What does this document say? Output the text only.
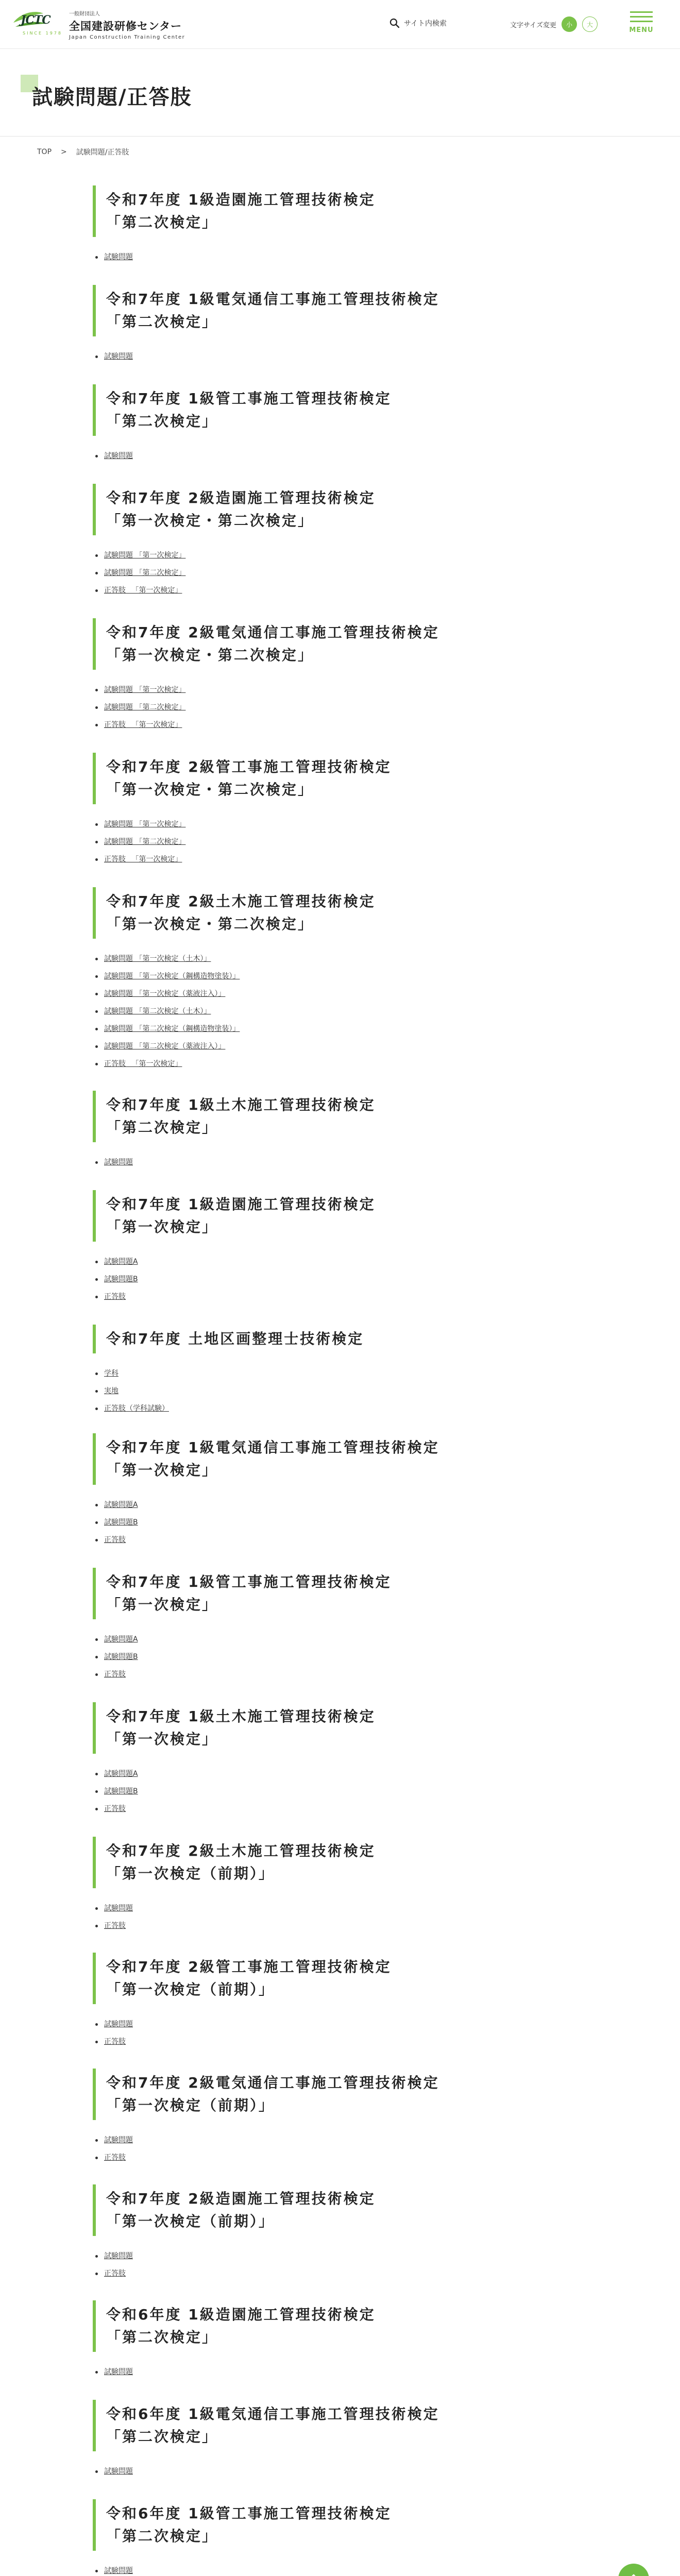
JCTC
SINCE 1978
一般財団法人
全国建設研修センター
Japan Construction Training Center
サイト内検索	文字サイズ変更	小	大
MENU
試験問題/正答肢
TOP > 試験問題/正答肢
令和7年度 1級造園施工管理技術検定
「第二次検定」
試験問題
令和7年度 1級電気通信工事施工管理技術検定
「第二次検定」
試験問題
令和7年度 1級管工事施工管理技術検定
「第二次検定」
試験問題
令和7年度 2級造園施工管理技術検定
「第一次検定・第二次検定」
試験問題 「第一次検定」
試験問題 「第二次検定」
正答肢 　「第一次検定」
令和7年度 2級電気通信工事施工管理技術検定
「第一次検定・第二次検定」
試験問題 「第一次検定」
試験問題 「第二次検定」
正答肢 　「第一次検定」
令和7年度 2級管工事施工管理技術検定
「第一次検定・第二次検定」
試験問題 「第一次検定」
試験問題 「第二次検定」
正答肢 　「第一次検定」
令和7年度 2級土木施工管理技術検定
「第一次検定・第二次検定」
試験問題 「第一次検定（土木）」
試験問題 「第一次検定（鋼構造物塗装）」
試験問題 「第一次検定（薬液注入）」
試験問題 「第二次検定（土木）」
試験問題 「第二次検定（鋼構造物塗装）」
試験問題 「第二次検定（薬液注入）」
正答肢 　「第一次検定」
令和7年度 1級土木施工管理技術検定
「第二次検定」
試験問題
令和7年度 1級造園施工管理技術検定
「第一次検定」
試験問題A
試験問題B
正答肢
令和7年度 土地区画整理士技術検定
学科
実地
正答肢（学科試験）
令和7年度 1級電気通信工事施工管理技術検定
「第一次検定」
試験問題A
試験問題B
正答肢
令和7年度 1級管工事施工管理技術検定
「第一次検定」
試験問題A
試験問題B
正答肢
令和7年度 1級土木施工管理技術検定
「第一次検定」
試験問題A
試験問題B
正答肢
令和7年度 2級土木施工管理技術検定
「第一次検定（前期）」
試験問題
正答肢
令和7年度 2級管工事施工管理技術検定
「第一次検定（前期）」
試験問題
正答肢
令和7年度 2級電気通信工事施工管理技術検定
「第一次検定（前期）」
試験問題
正答肢
令和7年度 2級造園施工管理技術検定
「第一次検定（前期）」
試験問題
正答肢
令和6年度 1級造園施工管理技術検定
「第二次検定」
試験問題
令和6年度 1級電気通信工事施工管理技術検定
「第二次検定」
試験問題
令和6年度 1級管工事施工管理技術検定
「第二次検定」
試験問題
